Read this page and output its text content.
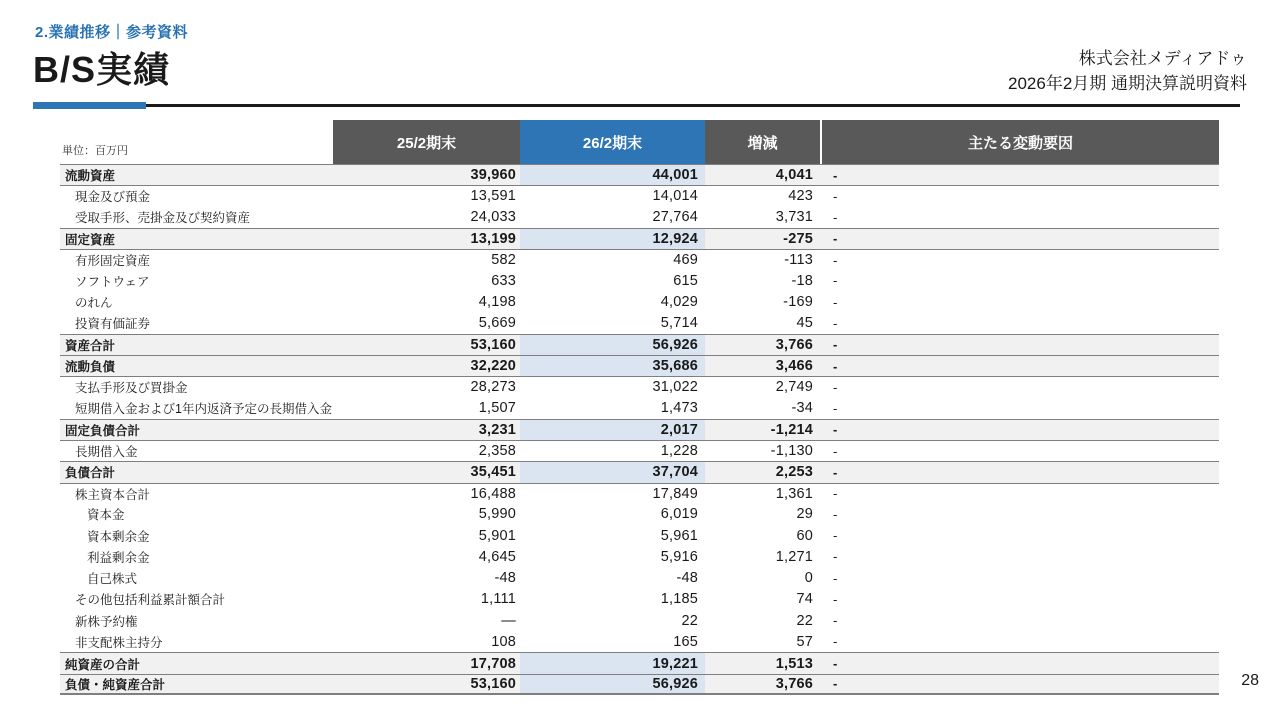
2.業績推移｜参考資料
B/S実績	株式会社メディアドゥ
2026年2月期 通期決算説明資料
単位：百万円	25/2期末	26/2期末	増減	主たる変動要因
流動資産	39,960	44,001	4,041	-
現金及び預金	13,591	14,014	423	-
受取手形、売掛金及び契約資産	24,033	27,764	3,731	-
固定資産	13,199	12,924	-275	-
有形固定資産	582	469	-113	-
ソフトウェア	633	615	-18	-
のれん	4,198	4,029	-169	-
投資有価証券	5,669	5,714	45	-
資産合計	53,160	56,926	3,766	-
流動負債	32,220	35,686	3,466	-
支払手形及び買掛金	28,273	31,022	2,749	-
短期借入金および1年内返済予定の長期借入金	1,507	1,473	-34	-
固定負債合計	3,231	2,017	-1,214	-
長期借入金	2,358	1,228	-1,130	-
負債合計	35,451	37,704	2,253	-
株主資本合計	16,488	17,849	1,361	-
資本金	5,990	6,019	29	-
資本剰余金	5,901	5,961	60	-
利益剰余金	4,645	5,916	1,271	-
自己株式	-48	-48	0	-
その他包括利益累計額合計	1,111	1,185	74	-
新株予約権	—	22	22	-
非支配株主持分	108	165	57	-
純資産の合計	17,708	19,221	1,513	-
負債・純資産合計	53,160	56,926	3,766	-	28
